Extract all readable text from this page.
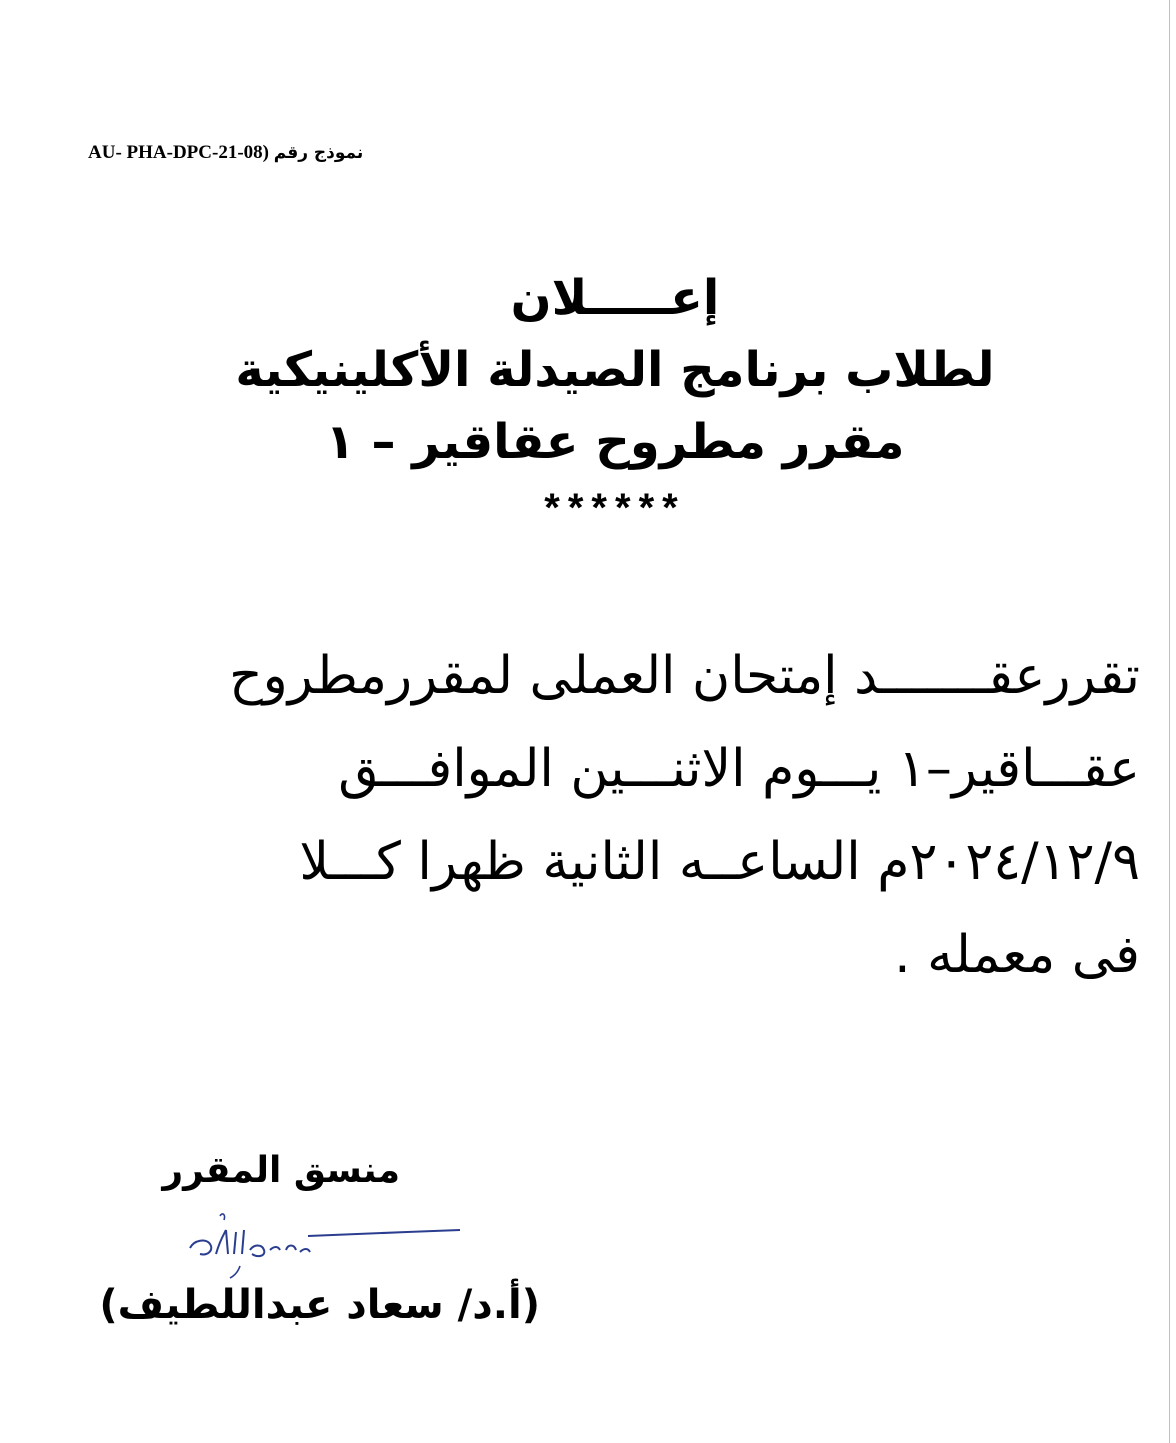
نموذج رقم (AU- PHA-DPC-21-08
إعـــــلان
لطلاب برنامج الصيدلة الأكلينيكية
مقرر مطروح عقاقير – ١
******
تقررعقـــــــد إمتحان العملى لمقررمطروح
عقـــاقير–١ يـــوم الاثنـــين الموافـــق
٢٠٢٤/١٢/٩م الساعــه الثانية ظهرا كـــلا
فى معمله .
منسق المقرر
(أ.د/ سعاد عبداللطيف)
